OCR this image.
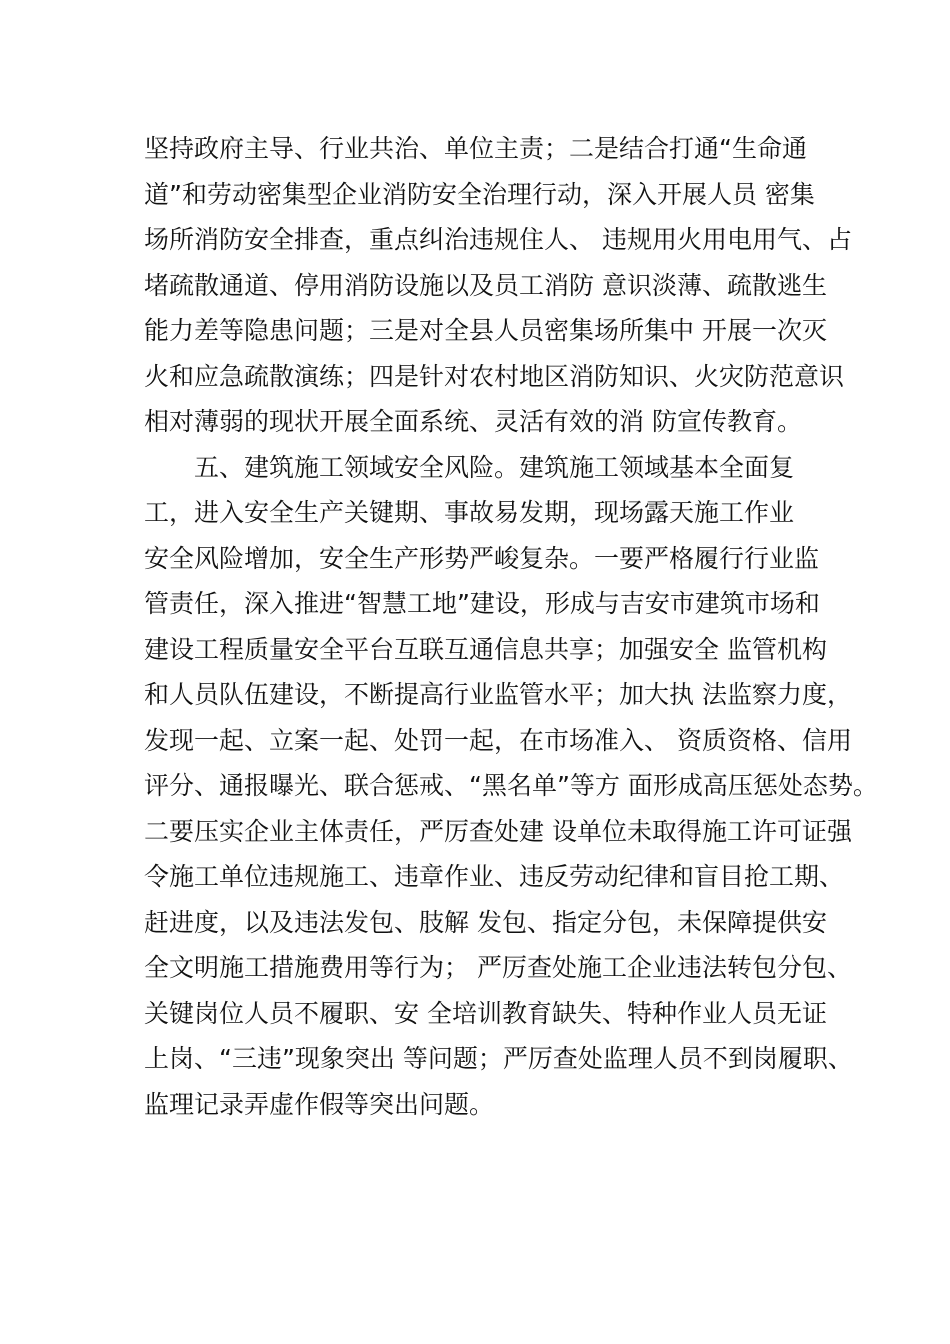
坚持政府主导、行业共治、单位主责；二是结合打通“生命通
道”和劳动密集型企业消防安全治理行动，深入开展人员 密集
场所消防安全排查，重点纠治违规住人、 违规用火用电用气、占
堵疏散通道、停用消防设施以及员工消防 意识淡薄、疏散逃生
能力差等隐患问题；三是对全县人员密集场所集中 开展一次灭
火和应急疏散演练；四是针对农村地区消防知识、火灾防范意识
相对薄弱的现状开展全面系统、灵活有效的消 防宣传教育。
五、建筑施工领域安全风险。建筑施工领域基本全面复
工，进入安全生产关键期、事故易发期，现场露天施工作业
安全风险增加，安全生产形势严峻复杂。一要严格履行行业监
管责任，深入推进“智慧工地”建设，形成与吉安市建筑市场和
建设工程质量安全平台互联互通信息共享；加强安全 监管机构
和人员队伍建设，不断提高行业监管水平；加大执 法监察力度，
发现一起、立案一起、处罚一起，在市场准入、 资质资格、信用
评分、通报曝光、联合惩戒、“黑名单”等方 面形成高压惩处态势。
二要压实企业主体责任，严厉查处建 设单位未取得施工许可证强
令施工单位违规施工、违章作业、违反劳动纪律和盲目抢工期、
赶进度，以及违法发包、肢解 发包、指定分包，未保障提供安
全文明施工措施费用等行为； 严厉查处施工企业违法转包分包、
关键岗位人员不履职、安 全培训教育缺失、特种作业人员无证
上岗、“三违”现象突出 等问题；严厉查处监理人员不到岗履职、
监理记录弄虚作假等突出问题。
